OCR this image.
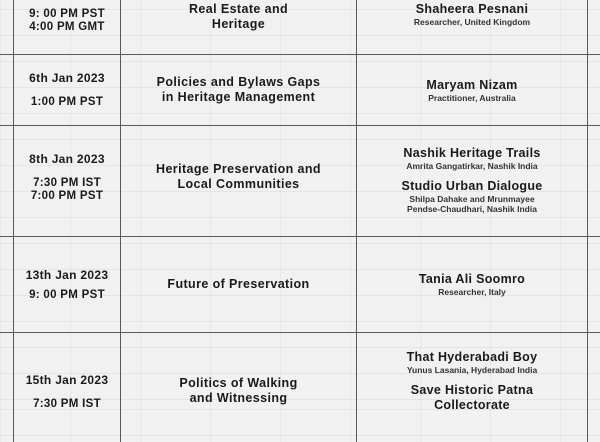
9: 00 PM PST
4:00 PM GMT
Real Estate and
Heritage
Shaheera Pesnani
Researcher, United Kingdom
6th Jan 2023
1:00 PM PST
Policies and Bylaws Gaps
in Heritage Management
Maryam Nizam
Practitioner, Australia
8th Jan 2023
7:30 PM IST
7:00 PM PST
Heritage Preservation and
Local Communities
Nashik Heritage Trails
Amrita Gangatirkar, Nashik India
Studio Urban Dialogue
Shilpa Dahake and Mrunmayee
Pendse-Chaudhari, Nashik India
13th Jan 2023
9: 00 PM PST
Future of Preservation	Tania Ali Soomro
Researcher, Italy
15th Jan 2023
7:30 PM IST
Politics of Walking
and Witnessing
That Hyderabadi Boy
Yunus Lasania, Hyderabad India
Save Historic Patna
Collectorate
